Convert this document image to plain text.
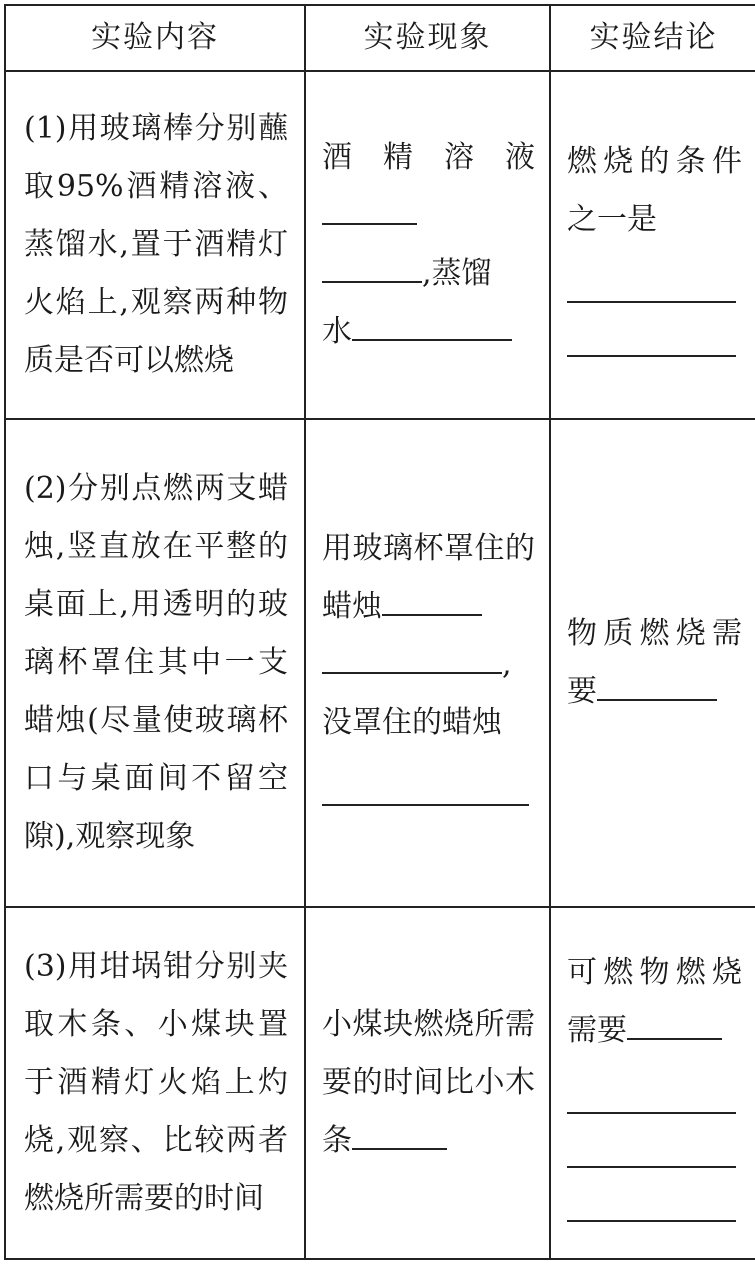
实验内容	实验现象	实验结论

(1)用玻璃棒分别蘸取95%酒精溶液、蒸馏水,置于酒精灯火焰上,观察两种物质是否可以燃烧	酒精溶液
,蒸馏
水	燃烧的条件之一是

(2)分别点燃两支蜡烛,竖直放在平整的桌面上,用透明的玻璃杯罩住其中一支蜡烛(尽量使玻璃杯口与桌面间不留空隙),观察现象	用玻璃杯罩住的蜡烛
,
没罩住的蜡烛	物质燃烧需要

(3)用坩埚钳分别夹取木条、小煤块置于酒精灯火焰上灼烧,观察、比较两者燃烧所需要的时间	小煤块燃烧所需要的时间比小木条	可燃物燃烧需要
